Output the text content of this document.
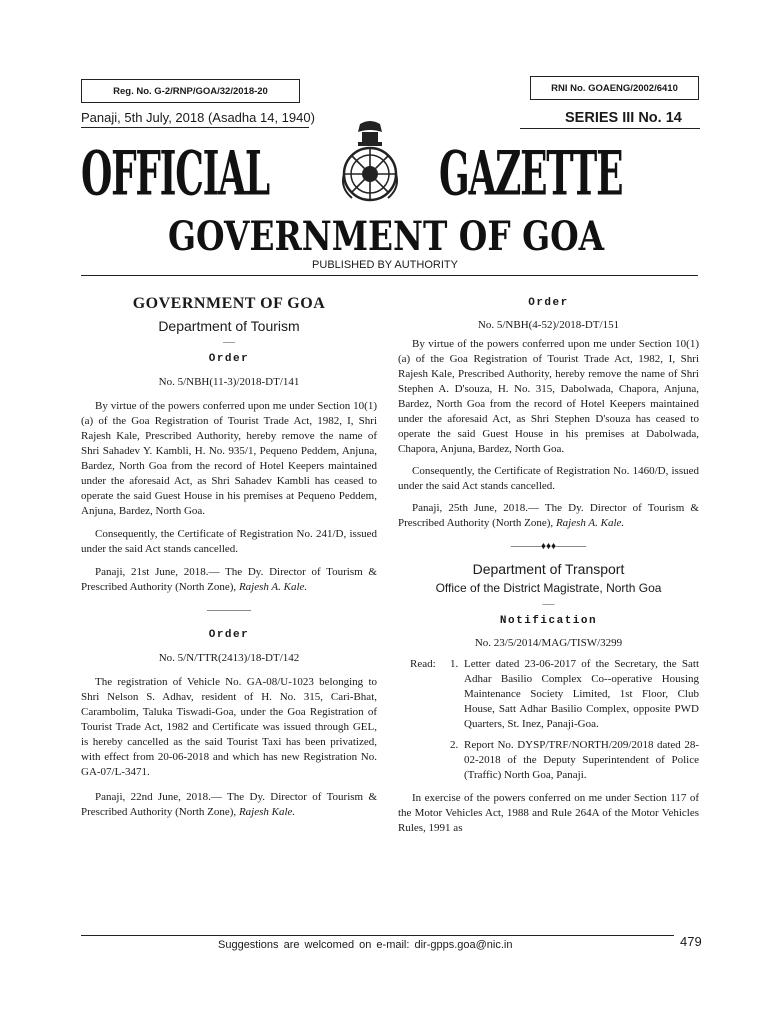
Reg. No. G-2/RNP/GOA/32/2018-20	RNI No. GOAENG/2002/6410
Panaji, 5th July, 2018 (Asadha 14, 1940)	SERIES III No. 14
OFFICIAL	GAZETTE
GOVERNMENT OF GOA
PUBLISHED BY AUTHORITY
GOVERNMENT OF GOA
Department of Tourism
___
Order
No. 5/NBH(11-3)/2018-DT/141

By virtue of the powers conferred upon me under Section 10(1)(a) of the Goa Registration of Tourist Trade Act, 1982, I, Shri Rajesh Kale, Prescribed Authority, hereby remove the name of Shri Sahadev Y. Kambli, H. No. 935/1, Pequeno Peddem, Anjuna, Bardez, North Goa from the record of Hotel Keepers maintained under the aforesaid Act, as Shri Sahadev Kambli has ceased to operate the said Guest House in his premises at Pequeno Peddem, Anjuna, Bardez, North Goa.

Consequently, the Certificate of Registration No. 241/D, issued under the said Act stands cancelled.

Panaji, 21st June, 2018.— The Dy. Director of Tourism & Prescribed Authority (North Zone), Rajesh A. Kale.

————
Order
No. 5/N/TTR(2413)/18-DT/142

The registration of Vehicle No. GA-08/U-1023 belonging to Shri Nelson S. Adhav, resident of H. No. 315, Cari-Bhat, Carambolim, Taluka Tiswadi-Goa, under the Goa Registration of Tourist Trade Act, 1982 and Certificate was issued through GEL, is hereby cancelled as the said Tourist Taxi has been privatized, with effect from 20-06-2018 and which has new Registration No. GA-07/L-3471.

Panaji, 22nd June, 2018.— The Dy. Director of Tourism & Prescribed Authority (North Zone), Rajesh Kale.

Order
No. 5/NBH(4-52)/2018-DT/151

By virtue of the powers conferred upon me under Section 10(1)(a) of the Goa Registration of Tourist Trade Act, 1982, I, Shri Rajesh Kale, Prescribed Authority, hereby remove the name of Shri Stephen A. D'souza, H. No. 315, Dabolwada, Chapora, Anjuna, Bardez, North Goa from the record of Hotel Keepers maintained under the aforesaid Act, as Shri Stephen D'souza has ceased to operate the said Guest House in his premises at Dabolwada, Chapora, Anjuna, Bardez, North Goa.

Consequently, the Certificate of Registration No. 1460/D, issued under the said Act stands cancelled.

Panaji, 25th June, 2018.— The Dy. Director of Tourism & Prescribed Authority (North Zone), Rajesh A. Kale.

———♦♦♦———
Department of Transport
Office of the District Magistrate, North Goa
___
Notification
No. 23/5/2014/MAG/TISW/3299
Read:	1. Letter dated 23-06-2017 of the Secretary, the Satt Adhar Basilio Complex Co--operative Housing Maintenance Society Limited, 1st Floor, Club House, Satt Adhar Basilio Complex, opposite PWD Quarters, St. Inez, Panaji-Goa.
2. Report No. DYSP/TRF/NORTH/209/2018 dated 28-02-2018 of the Deputy Superintendent of Police (Traffic) North Goa, Panaji.

In exercise of the powers conferred on me under Section 117 of the Motor Vehicles Act, 1988 and Rule 264A of the Motor Vehicles Rules, 1991 as

Suggestions are welcomed on e-mail: dir-gpps.goa@nic.in	479
